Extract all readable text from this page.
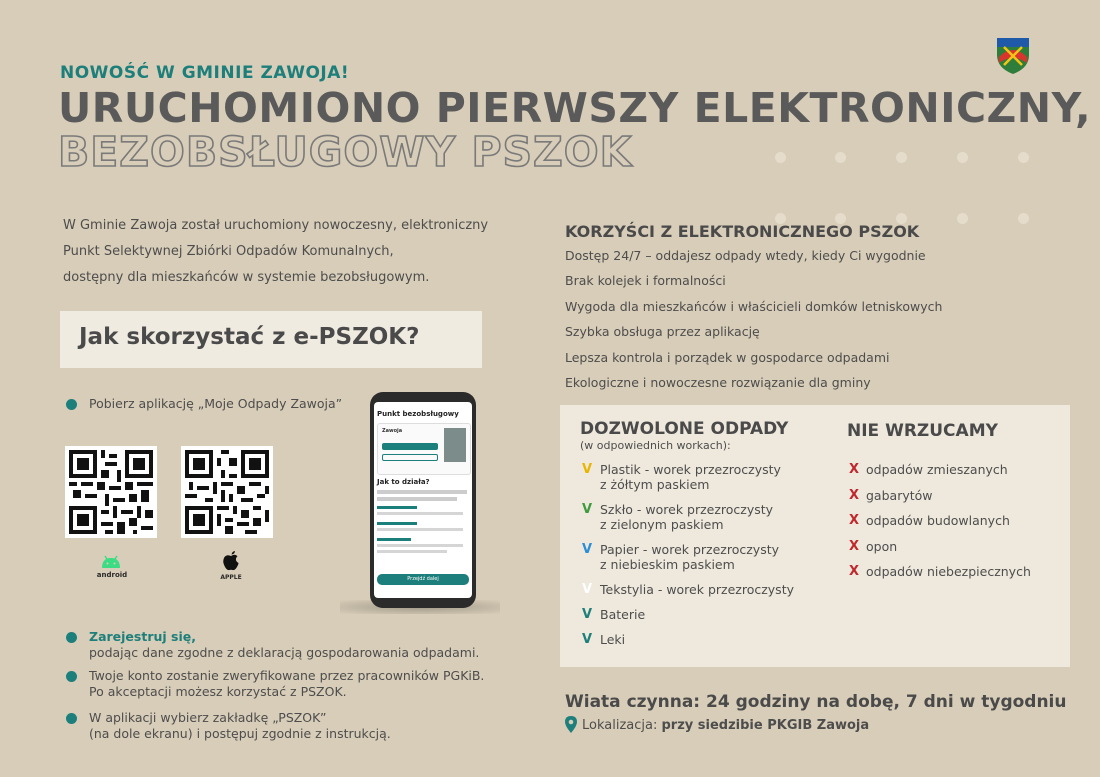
NOWOŚĆ W GMINIE ZAWOJA!
URUCHOMIONO PIERWSZY ELEKTRONICZNY,
BEZOBSŁUGOWY PSZOK
W Gminie Zawoja został uruchomiony nowoczesny, elektroniczny
Punkt Selektywnej Zbiórki Odpadów Komunalnych,
dostępny dla mieszkańców w systemie bezobsługowym.
Jak skorzystać z e-PSZOK?
Pobierz aplikację „Moje Odpady Zawoja”
android	APPLE
Punkt bezobsługowy
Zawoja
Jak to działa?
Przejdź dalej
Zarejestruj się,
podając dane zgodne z deklaracją gospodarowania odpadami.
Twoje konto zostanie zweryfikowane przez pracowników PGKiB.
Po akceptacji możesz korzystać z PSZOK.
W aplikacji wybierz zakładkę „PSZOK”
(na dole ekranu) i postępuj zgodnie z instrukcją.
KORZYŚCI Z ELEKTRONICZNEGO PSZOK
Dostęp 24/7 – oddajesz odpady wtedy, kiedy Ci wygodnie
Brak kolejek i formalności
Wygoda dla mieszkańców i właścicieli domków letniskowych
Szybka obsługa przez aplikację
Lepsza kontrola i porządek w gospodarce odpadami
Ekologiczne i nowoczesne rozwiązanie dla gminy
DOZWOLONE ODPADY
(w odpowiednich workach):
NIE WRZUCAMY
V Plastik - worek przezroczysty
z żółtym paskiem
V Szkło - worek przezroczysty
z zielonym paskiem
V Papier - worek przezroczysty
z niebieskim paskiem
V Tekstylia - worek przezroczysty
V Baterie
V Leki
X odpadów zmieszanych
X gabarytów
X odpadów budowlanych
X opon
X odpadów niebezpiecznych
Wiata czynna: 24 godziny na dobę, 7 dni w tygodniu
Lokalizacja: przy siedzibie PKGIB Zawoja
